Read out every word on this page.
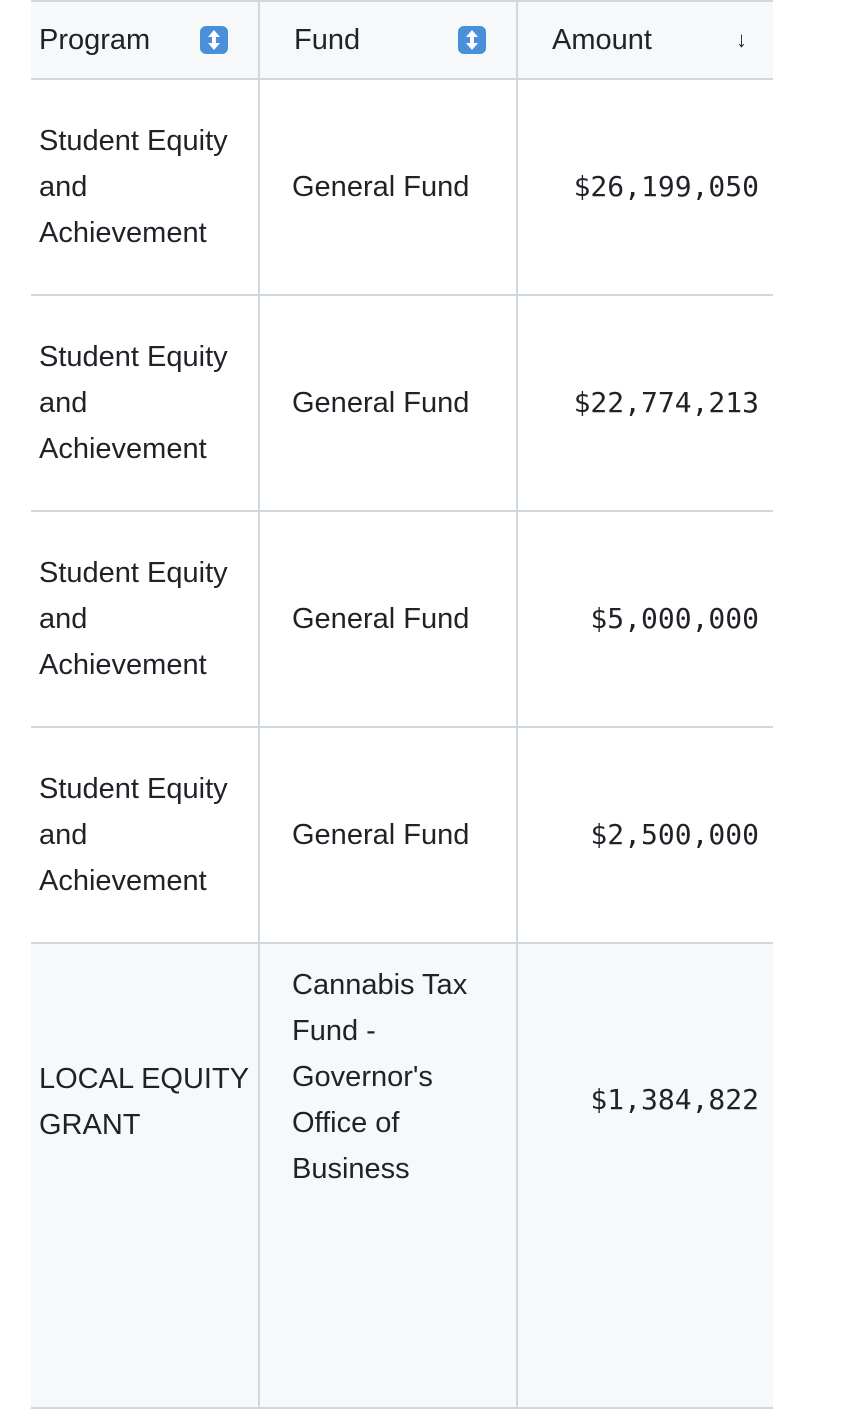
Program	Fund	Amount ↓

Student Equity and Achievement	General Fund	$26,199,050
Student Equity and Achievement	General Fund	$22,774,213
Student Equity and Achievement	General Fund	$5,000,000
Student Equity and Achievement	General Fund	$2,500,000
LOCAL EQUITY GRANT	Cannabis Tax Fund - Governor's Office of Business	$1,384,822
